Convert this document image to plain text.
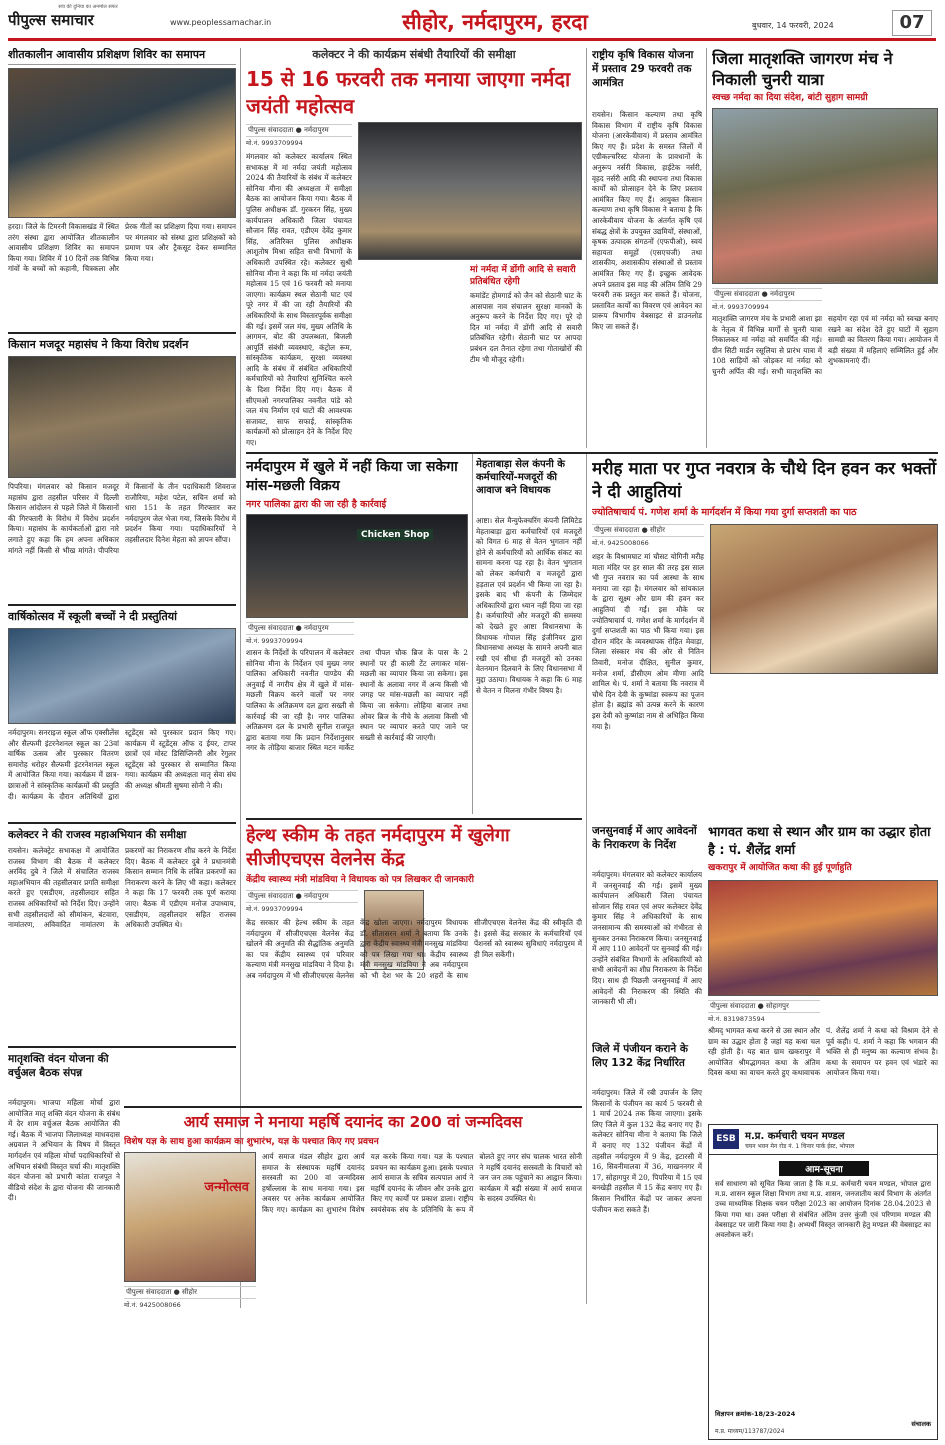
सच की दुनिया का अनमोल सफर
पीपुल्स समाचार	www.peoplessamachar.in	सीहोर, नर्मदापुरम, हरदा	बुधवार, 14 फरवरी, 2024	07
शीतकालीन आवासीय प्रशिक्षण शिविर का समापन
हरदा। जिले के टिमरनी विकासखंड में स्थित तरंग संस्था द्वारा आयोजित शीतकालीन आवासीय प्रशिक्षण शिविर का समापन किया गया। शिविर में 10 दिनों तक विभिन्न गांवों के बच्चों को कहानी, चित्रकला और प्रेरक गीतों का प्रशिक्षण दिया गया। समापन पर मंगलवार को संस्था द्वारा प्रशिक्षकों को प्रमाण पत्र और ट्रैकसूट देकर सम्मानित किया गया।
किसान मजदूर महासंघ ने किया विरोध प्रदर्शन
पिपरिया। मंगलवार को किसान मजदूर महासंघ द्वारा तहसील परिसर में दिल्ली किसान आंदोलन से पहले जिले में किसानों की गिरफ्तारी के विरोध में विरोध प्रदर्शन किया। महासंघ के कार्यकर्ताओं द्वारा नारे लगाते हुए कहा कि हम अपना अधिकार मांगते नहीं किसी से भीख मांगते। पीपरिया में किसानों के तीन पदाधिकारी शिवराज राजौरिया, महेश पटेल, सचिन शर्मा को धारा 151 के तहत गिरफ्तार कर नर्मदापुरम जेल भेजा गया, जिसके विरोध में प्रदर्शन किया गया। पदाधिकारियों ने तहसीलदार दिनेश मेहता को ज्ञापन सौंपा।
वार्षिकोत्सव में स्कूली बच्चों ने दी प्रस्तुतियां
नर्मदापुरम। सनराइज स्कूल ऑफ एक्सीलेंस और सैल्फमी इंटरनेशनल स्कूल का 23वां वार्षिक उत्सव और पुरस्कार वितरण समारोह धरोहर सैल्फमी इंटरनेशनल स्कूल में आयोजित किया गया। कार्यक्रम में छात्र-छात्राओं ने सांस्कृतिक कार्यक्रमों की प्रस्तुति दी। कार्यक्रम के दौरान अतिथियों द्वारा स्टूडेंट्स को पुरस्कार प्रदान किए गए। कार्यक्रम में स्टूडेंट्स ऑफ द ईयर, टापर छात्रों एवं मोस्ट डिसिप्लिनरी और रेगुलर स्टूडेंट्स को पुरस्कार से सम्मानित किया गया। कार्यक्रम की अध्यक्षता मातृ सेवा संघ की अध्यक्ष श्रीमती सुषमा सोनी ने की।
कलेक्टर ने की राजस्व महाअभियान की समीक्षा
रायसेन। कलेक्ट्रेट सभाकक्ष में आयोजित राजस्व विभाग की बैठक में कलेक्टर अरविंद दुबे ने जिले में संचालित राजस्व महाअभियान की तहसीलवार प्रगति समीक्षा करते हुए एसडीएम, तहसीलदार सहित राजस्व अधिकारियों को निर्देश दिए। उन्होंने सभी तहसीलदारों को सीमांकन, बंटवारा, नामांतरण, अविवादित नामांतरण के प्रकरणों का निराकरण शीघ्र करने के निर्देश दिए। बैठक में कलेक्टर दुबे ने प्रधानमंत्री किसान सम्मान निधि के लंबित प्रकरणों का निराकरण करने के लिए भी कहा। कलेक्टर ने कहा कि 17 फरवरी तक पूर्ण कराया जाए। बैठक में एडीएम मनोज उपाध्याय, एसडीएम, तहसीलदार सहित राजस्व अधिकारी उपस्थित थे।
मातृशक्ति वंदन योजना की वर्चुअल बैठक संपन्न
नर्मदापुरम। भाजपा महिला मोर्चा द्वारा आयोजित मातृ शक्ति वंदन योजना के संबंध में देर शाम वर्चुअल बैठक आयोजित की गई। बैठक में भाजपा जिलाध्यक्ष माधवदास अग्रवाल ने अभियान के विषय में विस्तृत मार्गदर्शन एवं महिला मोर्चा पदाधिकारियों से अभियान संबंधी विस्तृत चर्चा की। मातृशक्ति वंदन योजना को प्रभारी कांता राजपूत ने वीडियो संदेश के द्वारा योजना की जानकारी दी।
कलेक्टर ने की कार्यक्रम संबंधी तैयारियों की समीक्षा
15 से 16 फरवरी तक मनाया जाएगा नर्मदा जयंती महोत्सव
पीपुल्स संवाददाता ● नर्मदापुरम
मो.नं. 9993709994
मंगलवार को कलेक्टर कार्यालय स्थित सभाकक्ष में मां नर्मदा जयंती महोत्सव 2024 की तैयारियों के संबंध में कलेक्टर सोनिया मीना की अध्यक्षता में समीक्षा बैठक का आयोजन किया गया। बैठक में पुलिस अधीक्षक डॉ. गुरकरन सिंह, मुख्य कार्यपालन अधिकारी जिला पंचायत सौजान सिंह रावत, एडीएम देवेंद्र कुमार सिंह, अतिरिक्त पुलिस अधीक्षक आशुतोष मिश्रा सहित सभी विभागों के अधिकारी उपस्थित रहे। कलेक्टर सुश्री सोनिया मीना ने कहा कि मां नर्मदा जयंती महोत्सव 15 एवं 16 फरवरी को मनाया जाएगा। कार्यक्रम स्थल सेठानी घाट एवं पूरे नगर में की जा रही तैयारियों की अधिकारियों के साथ विस्तारपूर्वक समीक्षा की गई। इसमें जल मंच, मुख्य अतिथि के आगमन, बोट की उपलब्धता, बिजली आपूर्ति संबंधी व्यवस्थाएं, कंट्रोल रूम, सांस्कृतिक कार्यक्रम, सुरक्षा व्यवस्था आदि के संबंध में संबंधित अधिकारियों कर्मचारियों को तैयारियां सुनिश्चित करने के दिशा निर्देश दिए गए। बैठक में सीएमओ नगरपालिका नवनीत पांडे को जल मंच निर्माण एवं घाटों की आवश्यक सजावट, साफ सफाई, सांस्कृतिक कार्यक्रमों को प्रोत्साहन देने के निर्देश दिए गए।
मां नर्मदा में डोंगी आदि से सवारी प्रतिबंधित रहेगी
कमांडेंट होमगार्ड को जैन को सेठानी घाट के आसपास नाव संचालन सुरक्षा मानकों के अनुरूप करने के निर्देश दिए गए। पूरे दो दिन मां नर्मदा में डोंगी आदि से सवारी प्रतिबंधित रहेगी। सेठानी घाट पर आपदा प्रबंधन दल तैनात रहेगा तथा गोताखोरों की टीम भी मौजूद रहेगी।
राष्ट्रीय कृषि विकास योजना में प्रस्ताव 29 फरवरी तक आमंत्रित
रायसेन। किसान कल्याण तथा कृषि विकास विभाग में राष्ट्रीय कृषि विकास योजना (आरकेवीवाय) में प्रस्ताव आमंत्रित किए गए हैं। प्रदेश के समस्त जिलों में एग्रीकल्चरिस्ट योजना के प्रावधानों के अनुरूप नर्सरी विकास, हाईटेक नर्सरी, वृहद नर्सरी आदि की स्थापना तथा विकास कार्यों को प्रोत्साहन देने के लिए प्रस्ताव आमंत्रित किए गए हैं। आयुक्त किसान कल्याण तथा कृषि विकास ने बताया है कि आरकेवीवाय योजना के अंतर्गत कृषि एवं संबद्ध क्षेत्रों के उपयुक्त उद्यमियों, संस्थाओं, कृषक उत्पादक संगठनों (एफपीओ), स्वयं सहायता समूहों (एसएचजी) तथा शासकीय, अशासकीय संस्थाओं से प्रस्ताव आमंत्रित किए गए हैं। इच्छुक आवेदक अपने प्रस्ताव इस माह की अंतिम तिथि 29 फरवरी तक प्रस्तुत कर सकते हैं। योजना, प्रस्तावित कार्यों का विवरण एवं आवेदन का प्रारूप विभागीय वेबसाइट से डाउनलोड किए जा सकते हैं।
जिला मातृशक्ति जागरण मंच ने निकाली चुनरी यात्रा
स्वच्छ नर्मदा का दिया संदेश, बांटी सुहाग सामग्री
पीपुल्स संवाददाता ● नर्मदापुरम
मो.नं. 9993709994
मातृशक्ति जागरण मंच के प्रभारी आशा झा के नेतृत्व में विभिन्न मार्गों से चुनरी यात्रा निकालकर मां नर्मदा को समर्पित की गई। ग्रीन सिटी मार्डन रसूलिया से प्रारंभ यात्रा में 108 साड़ियों को जोड़कर मां नर्मदा को चुनरी अर्पित की गई। सभी मातृशक्ति का सहयोग रहा एवं मां नर्मदा को स्वच्छ बनाए रखने का संदेश देते हुए घाटों में सुहाग सामग्री का वितरण किया गया। आयोजन में बड़ी संख्या में महिलाएं सम्मिलित हुईं और शुभकामनाएं दीं।
नर्मदापुरम में खुले में नहीं किया जा सकेगा मांस-मछली विक्रय
नगर पालिका द्वारा की जा रही है कार्रवाई
Chicken Shop
पीपुल्स संवाददाता ● नर्मदापुरम
मो.नं. 9993709994
शासन के निर्देशों के परिपालन में कलेक्टर सोनिया मीना के निर्देशन एवं मुख्य नगर पालिका अधिकारी नवनीत पाण्डेय की अनुवाई में नगरीय क्षेत्र में खुले में मांस-मछली विक्रय करने वालों पर नगर पालिका के अतिक्रमण दल द्वारा सख्ती से कार्रवाई की जा रही है। नगर पालिका अतिक्रमण दल के प्रभारी सुनील राजपूत द्वारा बताया गया कि प्रदान निर्देशानुसार नगर के तोड़िया बाजार स्थित मटन मार्केट तथा पीपल चौक ब्रिज के पास के 2 स्थानों पर ही काली टेंट लगाकर मांस-मछली का व्यापार किया जा सकेगा। इस स्थानों के अलावा नगर में अन्य किसी भी जगह पर मांस-मछली का व्यापार नहीं किया जा सकेगा। लोहिया बाजार तथा ओवर ब्रिज के नीचे के अलावा किसी भी स्थान पर व्यापार करते पाए जाने पर सख्ती से कार्रवाई की जाएगी।
मेहताबाड़ा सेल कंपनी के कर्मचारियों-मजदूरों की आवाज बने विधायक
आष्टा। सेल मैन्युफेक्चरिंग कंपनी लिमिटेड मेहताबाड़ा द्वारा कर्मचारियों एवं मजदूरों को विगत 6 माह से वेतन भुगतान नहीं होने से कर्मचारियों को आर्थिक संकट का सामना करना पड़ रहा है। वेतन भुगतान को लेकर कर्मचारी व मजदूरों द्वारा हड़ताल एवं प्रदर्शन भी किया जा रहा है। इसके बाद भी कंपनी के जिम्मेदार अधिकारियों द्वारा ध्यान नहीं दिया जा रहा है। कर्मचारियों और मजदूरों की समस्या को देखते हुए आष्टा विधानसभा के विधायक गोपाल सिंह इंजीनियर द्वारा विधानसभा अध्यक्ष के सामने अपनी बात रखी एवं सीधा ही मजदूरों को उनका वेतनमान दिलवाने के लिए विधानसभा में मुद्दा उठाया। विधायक ने कहा कि 6 माह से वेतन न मिलना गंभीर विषय है।
मरीह माता पर गुप्त नवरात्र के चौथे दिन हवन कर भक्तों ने दी आहुतियां
ज्योतिषाचार्य पं. गणेश शर्मा के मार्गदर्शन में किया गया दुर्गा सप्तशती का पाठ
पीपुल्स संवाददाता ● सीहोर
मो.नं. 9425008066
शहर के विश्रामघाट मां चौसट योगिनी मरीह माता मंदिर पर हर साल की तरह इस साल भी गुप्त नवरात्र का पर्व आस्था के साथ मनाया जा रहा है। मंगलवार को सांयकाल के द्वारा सूक्ष्म और ग्राम की हवन कर आहुतियां दी गईं। इस मौके पर ज्योतिषाचार्य पं. गणेश शर्मा के मार्गदर्शन में दुर्गा सप्तशती का पाठ भी किया गया। इस दौरान मंदिर के व्यवस्थापक रोहित मेवाड़ा, जिला संस्कार मंच की ओर से नितिन तिवारी, मनोज दीक्षित, सुनील कुमार, मनोज शर्मा, डीसीएम ओम मीणा आदि शामिल थे। पं. शर्मा ने बताया कि नवरात्र में चौथे दिन देवी के कुष्मांडा स्वरूप का पूजन होता है। ब्रह्मांड को उत्पन्न करने के कारण इस देवी को कुष्मांडा नाम से अभिहित किया गया है।
हेल्थ स्कीम के तहत नर्मदापुरम में खुलेगा सीजीएचएस वेलनेस केंद्र
केंद्रीय स्वास्थ्य मंत्री मांडविया ने विधायक को पत्र लिखकर दी जानकारी
पीपुल्स संवाददाता ● नर्मदापुरम
मो.नं. 9993709994
केंद्र सरकार की हेल्थ स्कीम के तहत नर्मदापुरम में सीजीएचएस वेलनेस केंद्र खोलने की अनुमति की सैद्धांतिक अनुमति का पत्र केंद्रीय स्वास्थ्य एवं परिवार कल्याण मंत्री मनसुख मांडविया ने दिया है। अब नर्मदापुरम में भी सीजीएचएस वेलनेस केंद्र खोला जाएगा। नर्मदापुरम विधायक डॉ. सीतासरन शर्मा ने बताया कि उनके द्वारा केंद्रीय स्वास्थ्य मंत्री मनसुख मांडविया को पत्र लिखा गया था। केंद्रीय स्वास्थ्य मंत्री मनसुख मांडविया ने अब नर्मदापुरम को भी देश भर के 20 शहरों के साथ सीजीएचएस वेलनेस केंद्र की स्वीकृति दी है। इससे केंद्र सरकार के कर्मचारियों एवं पेंशनर्स को स्वास्थ्य सुविधाएं नर्मदापुरम में ही मिल सकेंगी।
जनसुनवाई में आए आवेदनों के निराकरण के निर्देश
नर्मदापुरम। मंगलवार को कलेक्टर कार्यालय में जनसुनवाई की गई। इसमें मुख्य कार्यपालन अधिकारी जिला पंचायत सोजान सिंह रावत एवं अपर कलेक्टर देवेंद्र कुमार सिंह ने अधिकारियों के साथ जनसामान्य की समस्याओं को गंभीरता से सुनकर उनका निराकरण किया। जनसुनवाई में आए 110 आवेदनों पर सुनवाई की गई। उन्होंने संबंधित विभागों के अधिकारियों को सभी आवेदनों का शीघ्र निराकरण के निर्देश दिए। साथ ही पिछली जनसुनवाई में आए आवेदनों की निराकरण की स्थिति की जानकारी भी ली।
भागवत कथा से स्थान और ग्राम का उद्धार होता है : पं. शैलेंद्र शर्मा
खकरापुर में आयोजित कथा की हुई पूर्णाहुति
पीपुल्स संवाददाता ● सोहागपुर
मो.नं. 8319873594
श्रीमद् भागवत कथा करने से उस स्थान और ग्राम का उद्धार होता है जहां यह कथा चल रही होती है। यह बात ग्राम खकरापुर में आयोजित श्रीमद्भागवत कथा के अंतिम दिवस कथा का वाचन करते हुए कथावाचक पं. शैलेंद्र शर्मा ने कथा को विश्राम देने से पूर्व कही। पं. शर्मा ने कहा कि भगवान की भक्ति से ही मनुष्य का कल्याण संभव है। कथा के समापन पर हवन एवं भंडारे का आयोजन किया गया।
जिले में पंजीयन कराने के लिए 132 केंद्र निर्धारित
नर्मदापुरम। जिले में रबी उपार्जन के लिए किसानों के पंजीयन का कार्य 5 फरवरी से 1 मार्च 2024 तक किया जाएगा। इसके लिए जिले में कुल 132 केंद्र बनाए गए हैं। कलेक्टर सोनिया मीना ने बताया कि जिले में बनाए गए 132 पंजीयन केंद्रों में तहसील नर्मदापुरम में 9 केंद्र, इटारसी में 16, सिवनीमालवा में 36, माखननगर में 17, सोहागपुर में 20, पिपरिया में 15 एवं बनखेड़ी तहसील में 15 केंद्र बनाए गए हैं। किसान निर्धारित केंद्रों पर जाकर अपना पंजीयन करा सकते हैं।
आर्य समाज ने मनाया महर्षि दयानंद का 200 वां जन्मदिवस
विशेष यज्ञ के साथ हुआ कार्यक्रम का शुभारंभ, यज्ञ के पश्चात किए गए प्रवचन
जन्मोत्सव
पीपुल्स संवाददाता ● सीहोर
मो.नं. 9425008066
आर्य समाज मंडल सीहोर द्वारा आर्य समाज के संस्थापक महर्षि दयानंद सरस्वती का 200 वां जन्मदिवस हर्षोल्लास के साथ मनाया गया। इस अवसर पर अनेक कार्यक्रम आयोजित किए गए। कार्यक्रम का शुभारंभ विशेष यज्ञ करके किया गया। यज्ञ के पश्चात प्रवचन का कार्यक्रम हुआ। इसके पश्चात आर्य समाज के सचिव सत्यपाल आर्य ने महर्षि दयानंद के जीवन और उनके द्वारा किए गए कार्यों पर प्रकाश डाला। राष्ट्रीय स्वयंसेवक संघ के प्रतिनिधि के रूप में बोलते हुए नगर संघ चालक भारत सोनी ने महर्षि दयानंद सरस्वती के विचारों को जन जन तक पहुंचाने का आह्वान किया। कार्यक्रम में बड़ी संख्या में आर्य समाज के सदस्य उपस्थित थे।
ESB म.प्र. कर्मचारी चयन मण्डल
चयन भवन मेन रोड नं. 1 चिनार पार्क ईस्ट, भोपाल
आम-सूचना
सर्व साधारण को सूचित किया जाता है कि म.प्र. कर्मचारी चयन मण्डल, भोपाल द्वारा म.प्र. शासन स्कूल शिक्षा विभाग तथा म.प्र. शासन, जनजातीय कार्य विभाग के अंतर्गत उच्च माध्यमिक शिक्षक चयन परीक्षा 2023 का आयोजन दिनांक 28.04.2023 से किया गया था। उक्त परीक्षा से संबंधित अंतिम उत्तर कुंजी एवं परिणाम मण्डल की वेबसाइट पर जारी किया गया है। अभ्यर्थी विस्तृत जानकारी हेतु मण्डल की वेबसाइट का अवलोकन करें।
विज्ञापन क्रमांक-18/23-2024
संचालक
म.प्र. माध्यम/113787/2024
